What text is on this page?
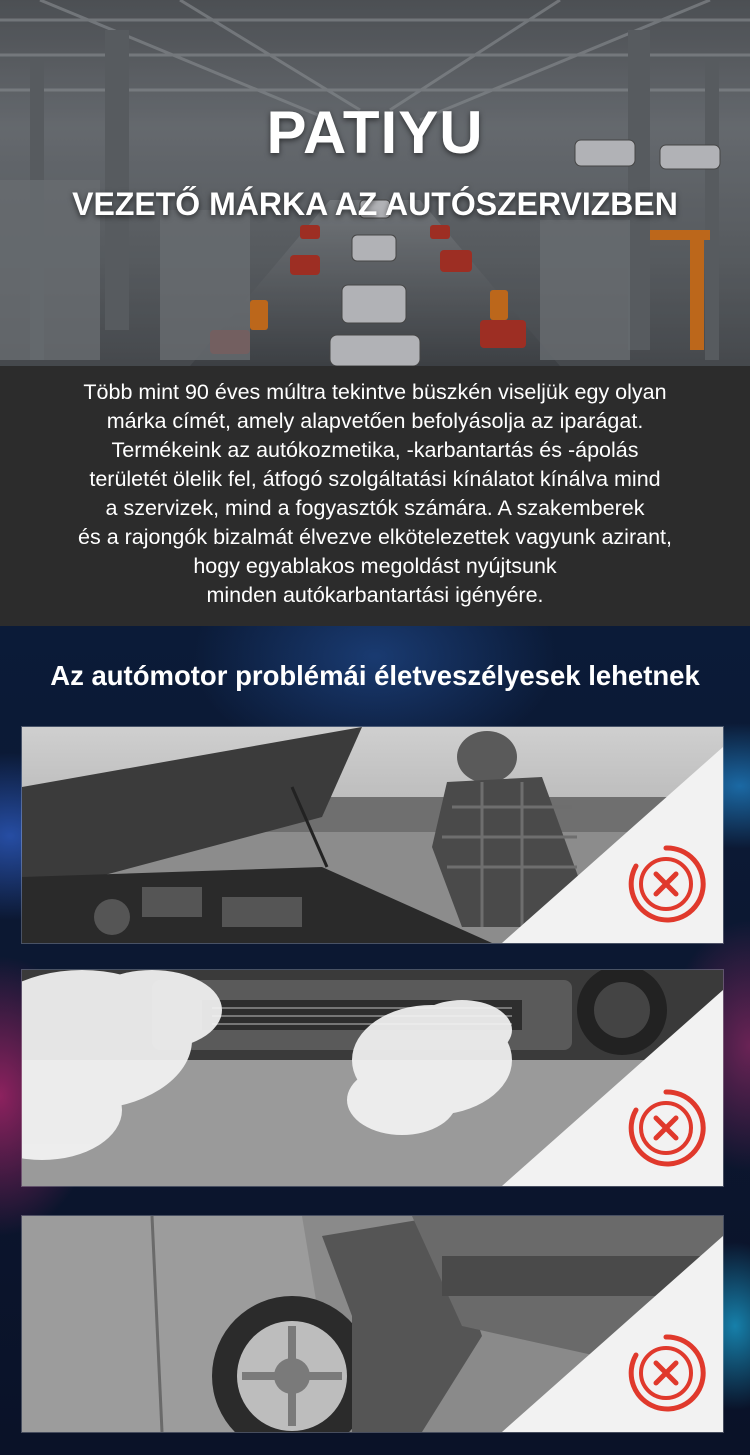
PATIYU
VEZETŐ MÁRKA AZ AUTÓSZERVIZBEN

Több mint 90 éves múltra tekintve büszkén viseljük egy olyan
márka címét, amely alapvetően befolyásolja az iparágat.
Termékeink az autókozmetika, -karbantartás és -ápolás
területét ölelik fel, átfogó szolgáltatási kínálatot kínálva mind
a szervizek, mind a fogyasztók számára. A szakemberek
és a rajongók bizalmát élvezve elkötelezettek vagyunk azirant,
hogy egyablakos megoldást nyújtsunk
minden autókarbantartási igényére.

Az autómotor problémái életveszélyesek lehetnek
